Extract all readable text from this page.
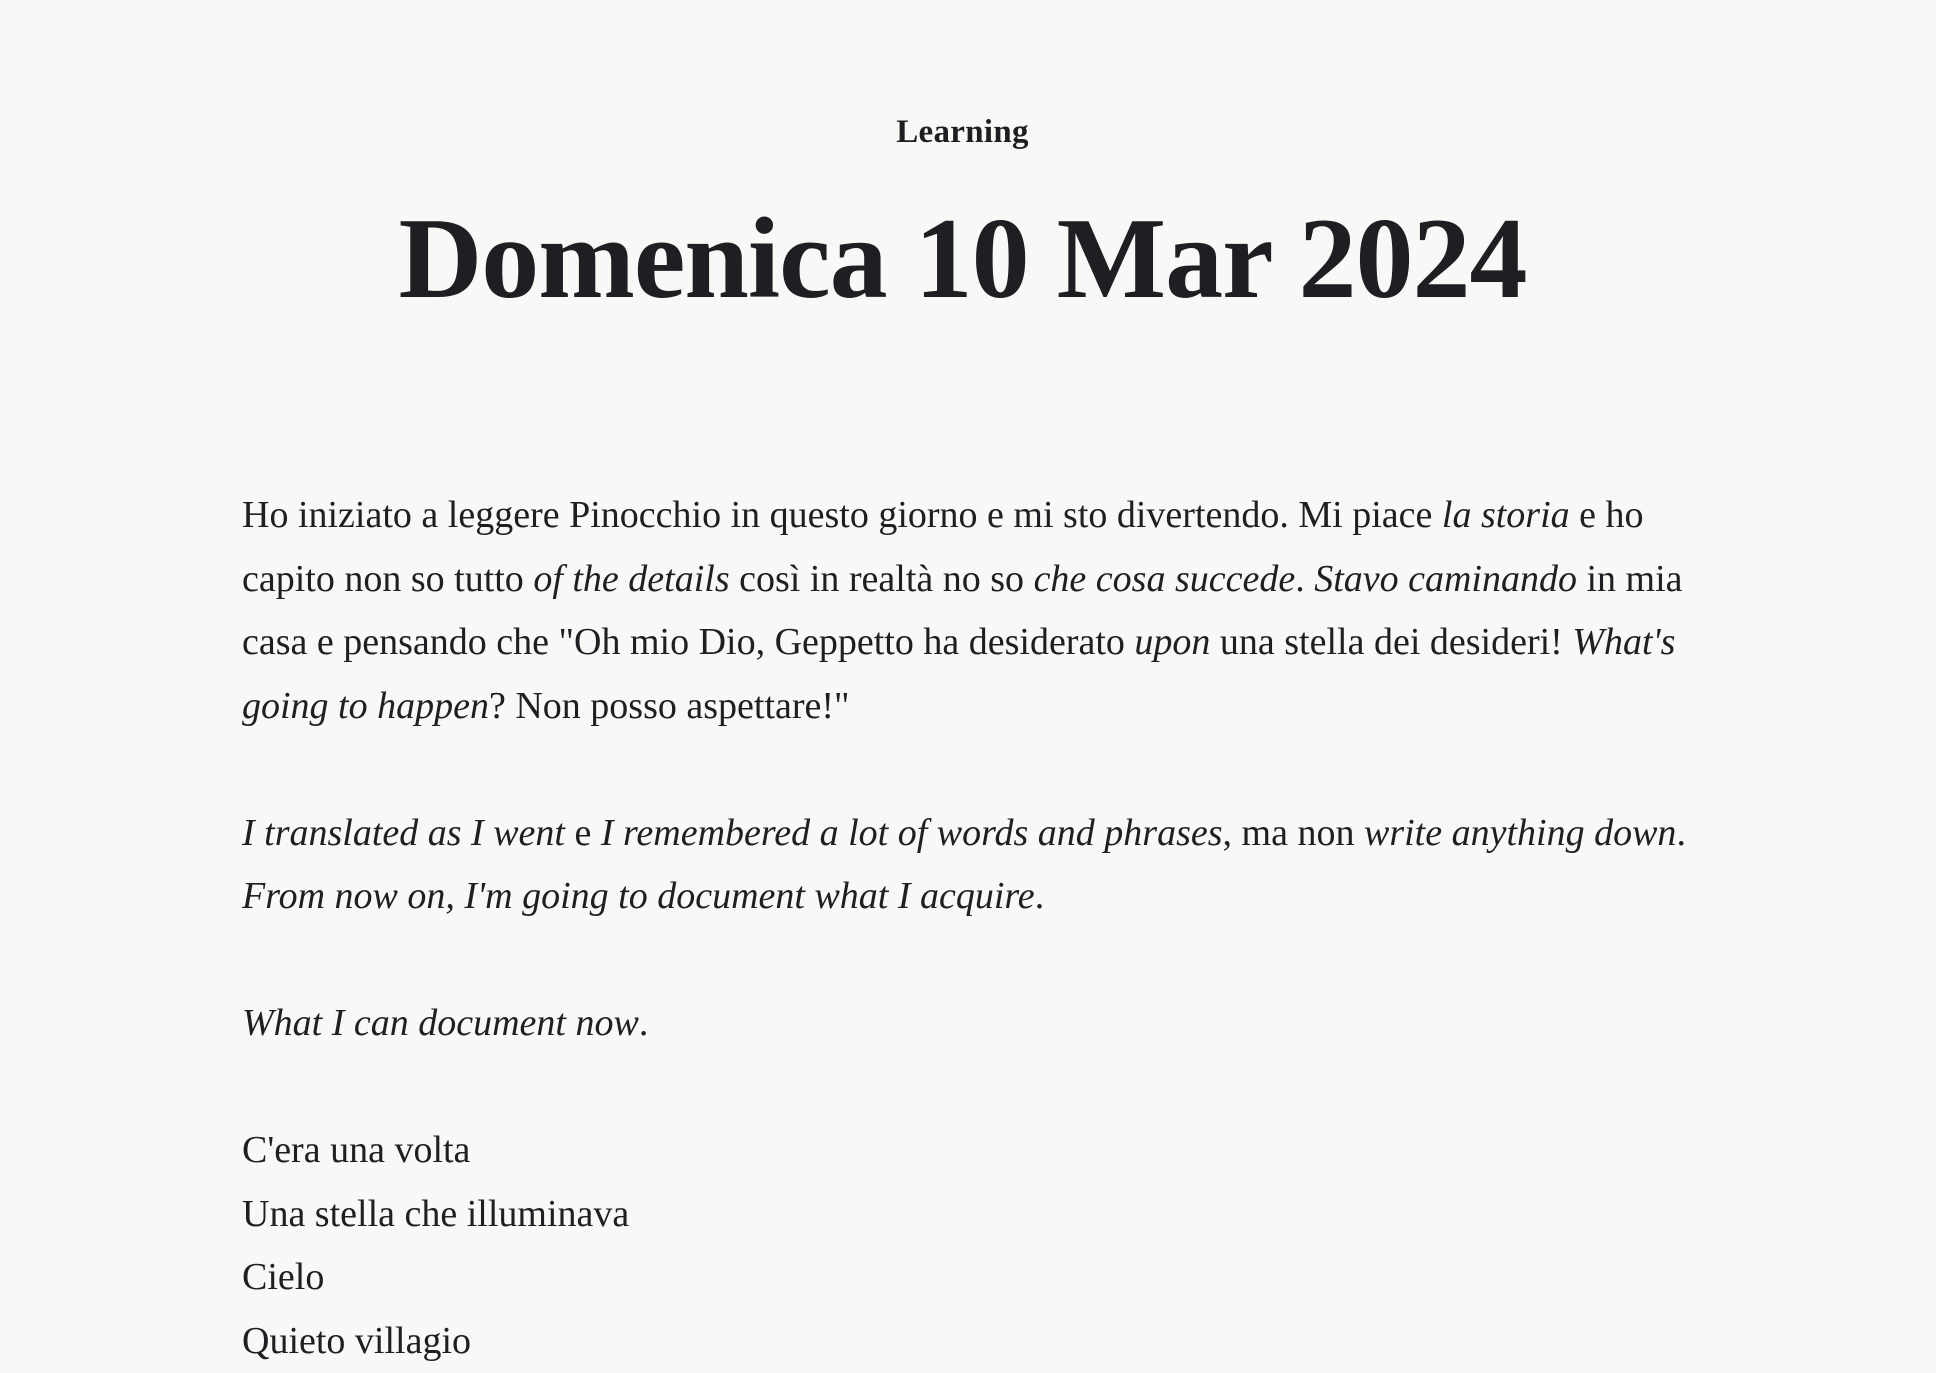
Learning
Domenica 10 Mar 2024

Ho iniziato a leggere Pinocchio in questo giorno e mi sto divertendo. Mi piace la storia e ho capito non so tutto of the details così in realtà no so che cosa succede. Stavo caminando in mia casa e pensando che "Oh mio Dio, Geppetto ha desiderato upon una stella dei desideri! What's going to happen? Non posso aspettare!"

I translated as I went e I remembered a lot of words and phrases, ma non write anything down. From now on, I'm going to document what I acquire.

What I can document now.

C'era una volta
Una stella che illuminava
Cielo
Quieto villagio
